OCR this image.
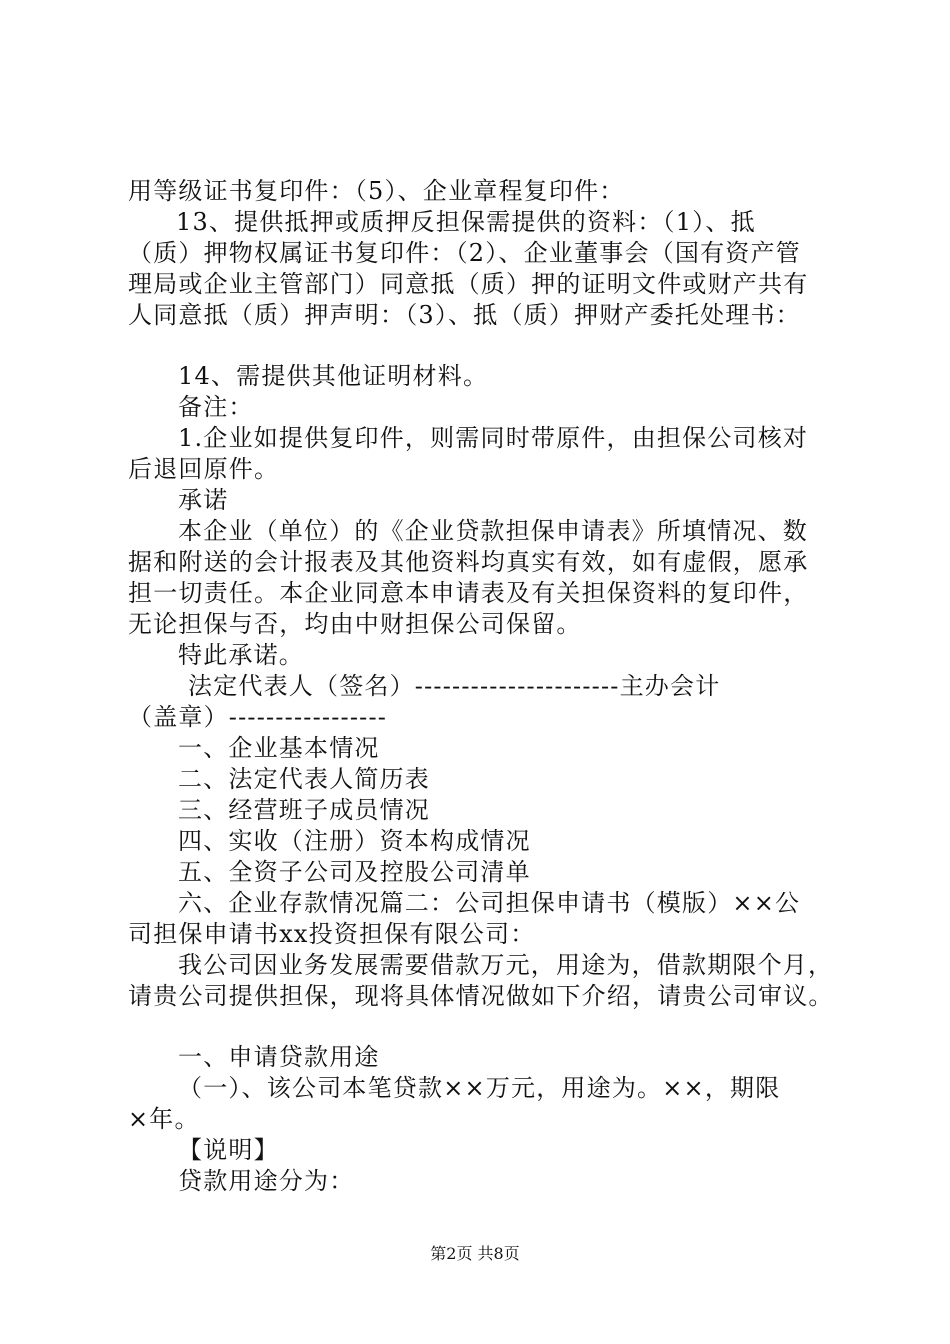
用等级证书复印件：（5）、企业章程复印件：
13、提供抵押或质押反担保需提供的资料：（1）、抵
（质）押物权属证书复印件：（2）、企业董事会（国有资产管
理局或企业主管部门）同意抵（质）押的证明文件或财产共有
人同意抵（质）押声明：（3）、抵（质）押财产委托处理书：
14、需提供其他证明材料。
备注：
1.企业如提供复印件，则需同时带原件，由担保公司核对
后退回原件。
承诺
本企业（单位）的《企业贷款担保申请表》所填情况、数
据和附送的会计报表及其他资料均真实有效，如有虚假，愿承
担一切责任。本企业同意本申请表及有关担保资料的复印件，
无论担保与否，均由中财担保公司保留。
特此承诺。
法定代表人（签名）----------------------主办会计
（盖章）-----------------
一、企业基本情况
二、法定代表人简历表
三、经营班子成员情况
四、实收（注册）资本构成情况
五、全资子公司及控股公司清单
六、企业存款情况篇二：公司担保申请书（模版）××公
司担保申请书xx投资担保有限公司：
我公司因业务发展需要借款万元，用途为，借款期限个月，
请贵公司提供担保，现将具体情况做如下介绍，请贵公司审议。
一、申请贷款用途
（一）、该公司本笔贷款××万元，用途为。××，期限
×年。
【说明】
贷款用途分为：
第2页 共8页
